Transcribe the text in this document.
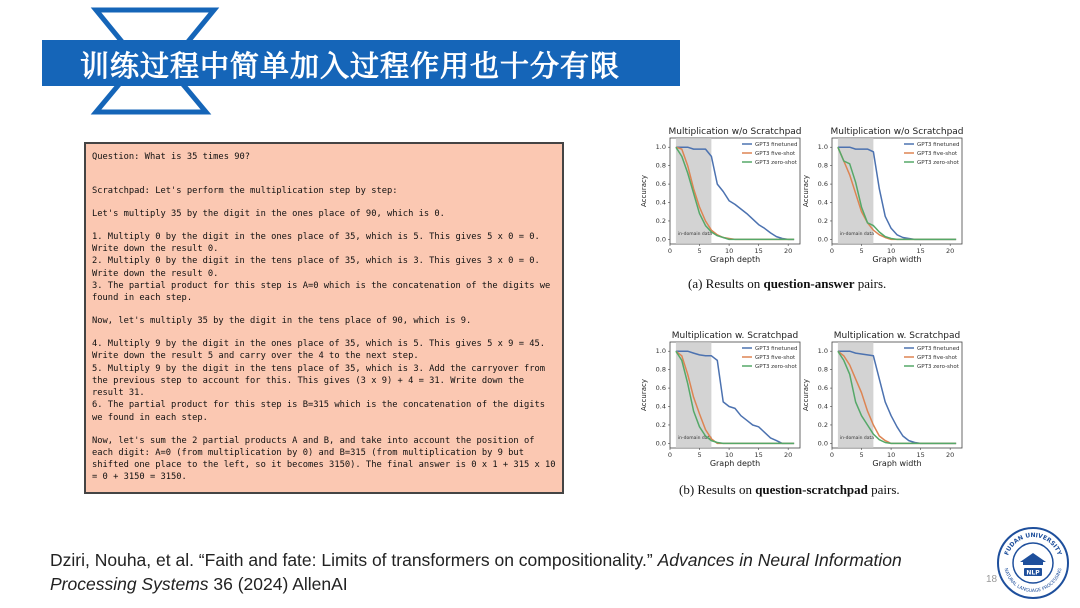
训练过程中简单加入过程作用也十分有限

Question: What is 35 times 90?

Scratchpad: Let's perform the multiplication step by step:

Let's multiply 35 by the digit in the ones place of 90, which is 0.

1. Multiply 0 by the digit in the ones place of 35, which is 5. This gives 5 x 0 = 0. Write down the result 0.
2. Multiply 0 by the digit in the tens place of 35, which is 3. This gives 3 x 0 = 0. Write down the result 0.
3. The partial product for this step is A=0 which is the concatenation of the digits we found in each step.

Now, let's multiply 35 by the digit in the tens place of 90, which is 9.

4. Multiply 9 by the digit in the ones place of 35, which is 5. This gives 5 x 9 = 45. Write down the result 5 and carry over the 4 to the next step.
5. Multiply 9 by the digit in the tens place of 35, which is 3. Add the carryover from the previous step to account for this. This gives (3 x 9) + 4 = 31. Write down the result 31.
6. The partial product for this step is B=315 which is the concatenation of the digits we found in each step.

Now, let's sum the 2 partial products A and B, and take into account the position of each digit: A=0 (from multiplication by 0) and B=315 (from multiplication by 9 but shifted one place to the left, so it becomes 3150). The final answer is 0 x 1 + 315 x 10 = 0 + 3150 = 3150.

Multiplication w/o Scratchpad
in-domain data
0	5	10	15	20
0.0
0.2
0.4
0.6
0.8
1.0
Graph depth
Accuracy
GPT3 finetuned
GPT3 five-shot
GPT3 zero-shot
Multiplication w/o Scratchpad
in-domain data
0	5	10	15	20
0.0
0.2
0.4
0.6
0.8
1.0
Graph width
Accuracy
GPT3 finetuned
GPT3 five-shot
GPT3 zero-shot
Multiplication w. Scratchpad
in-domain data
0	5	10	15	20
0.0
0.2
0.4
0.6
0.8
1.0
Graph depth
Accuracy
GPT3 finetuned
GPT3 five-shot
GPT3 zero-shot
Multiplication w. Scratchpad
in-domain data
0	5	10	15	20
0.0
0.2
0.4
0.6
0.8
1.0
Graph width
Accuracy
GPT3 finetuned
GPT3 five-shot
GPT3 zero-shot
(a) Results on question-answer pairs.
(b) Results on question-scratchpad pairs.
Dziri, Nouha, et al. “Faith and fate: Limits of transformers on compositionality.” Advances in Neural Information Processing Systems 36 (2024) AllenAI	18
FUDAN UNIVERSITY
NATURAL LANGUAGE PROCESSING
NLP
